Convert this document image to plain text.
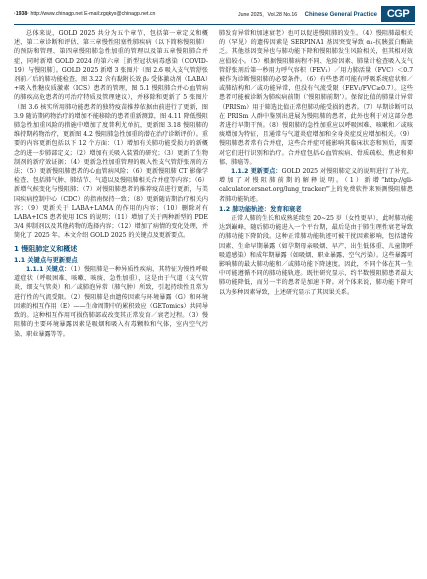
·1938· http://www.chinagp.net E-mail:zgqkyx@chinagp.net.cn	June 2025，Vol.28 No.16 Chinese General Practice CGP

总体来说，GOLD 2025 共分为五个章节，包括第一章定义和概述、第二章诊断和评估、第三章慢性阻塞性肺疾病（以下简称慢阻肺）的预防和管理、第四章慢阻肺急性加重的管理以及第五章慢阻肺合并症，同时新增 GOLD 2024 的第六章［新型冠状病毒感染（COVID-19）与慢阻肺］。GOLD 2025 新增 3 张图片（图 2.6 吸入支气管舒张剂前／后的肺功能检查，图 3.22 含有黏附长效 β₂ 受体激动剂（LABA）+吸入性糖皮质激素（ICS）患者的管理，图 5.1 慢阻肺合并心血管病的肺疾高危患者的可治疗特质及管理建议），并移除和更新了 5 张图片（图 3.6 核实所用肺功能患者的独特疫苗推荐依据由前进行了更新，图 3.9 随访期药物治疗的增加不能移除的患者重新测算，图 4.11 降低慢阻肺急性加重风险的措施中增加了度普利尤单抗，更新图 3.18 慢阻肺的维持期药物治疗，更新图 4.2 慢阻肺急性加重的潜在治疗诊断评价）。重要的内容更新包括以下 12 个方面：（1）增加有关肺功能受损力的新概念的进一步肺部定义；（2）增加有关吸入装置的研究；（3）更新了生物制剂的新疗效证据；（4）更新急性加重管理的吸入性支气管舒张剂的方法；（5）更新慢阻肺患者的心血管病风险；（6）更新慢阻肺 CT 影像学检查、包括肺气肿、肺结节、气道以及慢阻肺相关合并症等内容；（6）新增气候变化与慢阻肺；（7）对慢阻肺患者的推荐疫苗进行更新，与美国疾病控制中心（CDC）的指南保持一致；（8）更新随访期治疗相关内容；（9）更新关于 LABA+LAMA 的作用的内容；（10）删除对有 LABA+ICS 患者使用 ICS 的说明；（11）增加了关于两种新型的 PDE 3/4 抑制剂以及其他药物的选择内容；（12）增加了病情的变化处理，并简化了 2025 年。本文介绍 GOLD 2025 的关键点及更新要点。

1 慢阻肺定义和概述
1.1 关键点与更新要点

1.1.1 关键点：（1）慢阻肺是一种异质性疾病，其特征为慢性呼吸道症状（呼吸困难、咳嗽、咳痰、急性加重），这是由于气道（支气管炎、细支气管炎）和／或肺泡异常（肺气肿）所致，引起持续性且常为进行性的气流受限。（2）慢阻肺是由遗传因素与环境暴露（G）和环境因素的相互作用（E）——生命周期中的累积效应（GETomics）共同导致的。这种相互作用可损伤肺部或改变其正常发育／衰老过程。（3）慢阻肺的主要环境暴露因素是吸烟和吸入有毒颗粒和气体，室内空气污染、职业暴露等等。

肺发育异常和加速衰老）也可以促进慢阻肺的发生。（4）慢阻肺最相关的（罕见）的遗传因素是 SERPINA1 基因突变导致 α₁-抗胰蛋白酶缺乏。其他基因变异也与肺功能下降和慢阻肺发生风险相关，但其相对效应值较小。（5）根据慢阻肺病程不同、危险因素、肺量计检查吸入支气管舒张剂后第一秒用力呼气容积（FEV₁）／用力肺活量（FVC）＜0.7 被作为诊断慢阻肺的必要条件。（6）有些患者可能有呼吸系统症状和／或肺结构和／或功能异常，但没有气流受限（FEV₁/FVC≥0.7）。这些患者可能被诊断为肺疾病前期（‘慢阻肺前期’）。保留比值的肺量计异常（PRISm）用于筛选比值正常但肺功能受损的患者。（7）早期诊断可以在 PRISm 人群中鉴别出进展为慢阻肺的患者，此外也利于对这部分患者进行早期干预。（8）慢阻肺的急性加重应以呼吸困难、咳嗽和／或咳痰增加为特征，且通常与气道炎症增加和全身炎症反应增加相关。（9）慢阻肺患者常有合并症，这些合并症可能影响其临床状态和预后，需要对它们进行识别和治疗。合并症包括心血管疾病、骨质疏松、焦虑和抑郁、肺癌等。

1.1.2 更新要点：GOLD 2025 对慢阻肺定义的说明进行了补充，增加了对慢阻肺前期的解释说明。（1）新增“http://gli-calculator.ersnet.org/lung_tracker/”上的免费软件来预测慢阻肺患者肺功能轨迹。

1.2 肺功能轨迹：发育和衰老

正常人肺的生长和成熟延续至 20~25 岁（女性更早），此时肺功能达到巅峰，随后肺功能进入一个平台期，最后是由于肺生理性衰老导致的肺功能下降阶段。这种正常肺功能轨迹可被干扰因素影响，包括遗传因素、生命早期暴露（如孕期母亲吸烟、早产、出生低体重、儿童期呼吸道感染）和成年期暴露（如吸烟、职业暴露、空气污染）。这些暴露可影响肺的最大肺功能和／或肺功能下降速度。因此，不同个体在其一生中可能遵循不同的肺功能轨迹。既往研究显示，约半数慢阻肺患者最大肺功能降低，而另一半的患者是加速下降。对个体来说，肺功能下降可以为多种因素导致，上述研究显示了其因果关系。
